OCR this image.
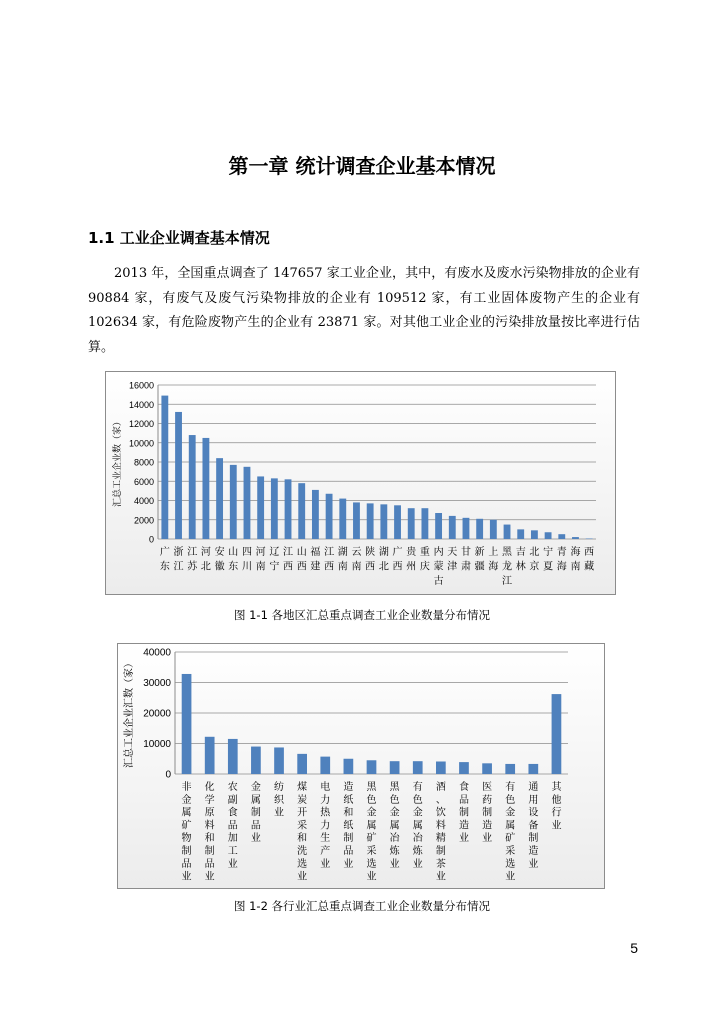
第一章 统计调查企业基本情况
1.1 工业企业调查基本情况
2013 年，全国重点调查了 147657 家工业企业，其中，有废水及废水污染物排放的企业有 90884 家，有废气及废气污染物排放的企业有 109512 家，有工业固体废物产生的企业有 102634 家，有危险废物产生的企业有 23871 家。对其他工业企业的污染排放量按比率进行估算。
0
2000
4000
6000
8000
10000
12000
14000
16000
汇总工业企业数（家）
广
东
浙
江
江
苏
河
北
安
徽
山
东
四
川
河
南
辽
宁
江
西
山
西
福
建
江
西
湖
南
云
南
陕
西
湖
北
广
西
贵
州
重
庆
内
蒙
古
天
津
甘
肃
新
疆
上
海
黑
龙
江
吉
林
北
京
宁
夏
青
海
海
南
西
藏
图 1-1 各地区汇总重点调查工业企业数量分布情况
0
10000
20000
30000
40000
汇总工业企业汇数（家）
非
金
属
矿
物
制
品
业
化
学
原
料
和
制
品
业
农
副
食
品
加
工
业
金
属
制
品
业
纺
织
业
煤
炭
开
采
和
洗
选
业
电
力
热
力
生
产
业
造
纸
和
纸
制
品
业
黑
色
金
属
矿
采
选
业
黑
色
金
属
冶
炼
业
有
色
金
属
冶
炼
业
酒
、
饮
料
精
制
茶
业
食
品
制
造
业
医
药
制
造
业
有
色
金
属
矿
采
选
业
通
用
设
备
制
造
业
其
他
行
业
图 1-2 各行业汇总重点调查工业企业数量分布情况
5
